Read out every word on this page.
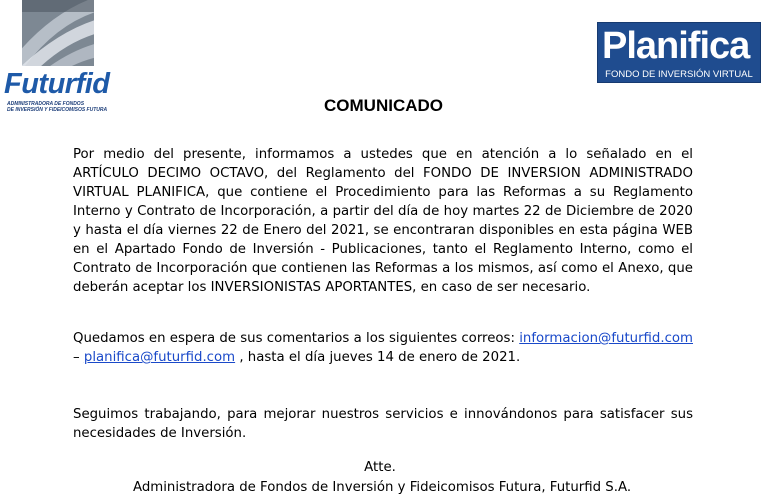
Futurfid
ADMINISTRADORA DE FONDOS
DE INVERSIÓN Y FIDEICOMISOS FUTURA
Planifica
FONDO DE INVERSIÓN VIRTUAL
COMUNICADO
Por medio del presente, informamos a ustedes que en atención a lo señalado en el ARTÍCULO DECIMO OCTAVO, del Reglamento del FONDO DE INVERSION ADMINISTRADO VIRTUAL PLANIFICA, que contiene el Procedimiento para las Reformas a su Reglamento Interno y Contrato de Incorporación, a partir del día de hoy martes 22 de Diciembre de 2020 y hasta el día viernes 22 de Enero del 2021, se encontraran disponibles en esta página WEB en el Apartado Fondo de Inversión - Publicaciones, tanto el Reglamento Interno, como el Contrato de Incorporación que contienen las Reformas a los mismos, así como el Anexo, que deberán aceptar los INVERSIONISTAS APORTANTES, en caso de ser necesario.
Quedamos en espera de sus comentarios a los siguientes correos: informacion@futurfid.com – planifica@futurfid.com , hasta el día jueves 14 de enero de 2021.
Seguimos trabajando, para mejorar nuestros servicios e innovándonos para satisfacer sus necesidades de Inversión.
Atte.
Administradora de Fondos de Inversión y Fideicomisos Futura, Futurfid S.A.
